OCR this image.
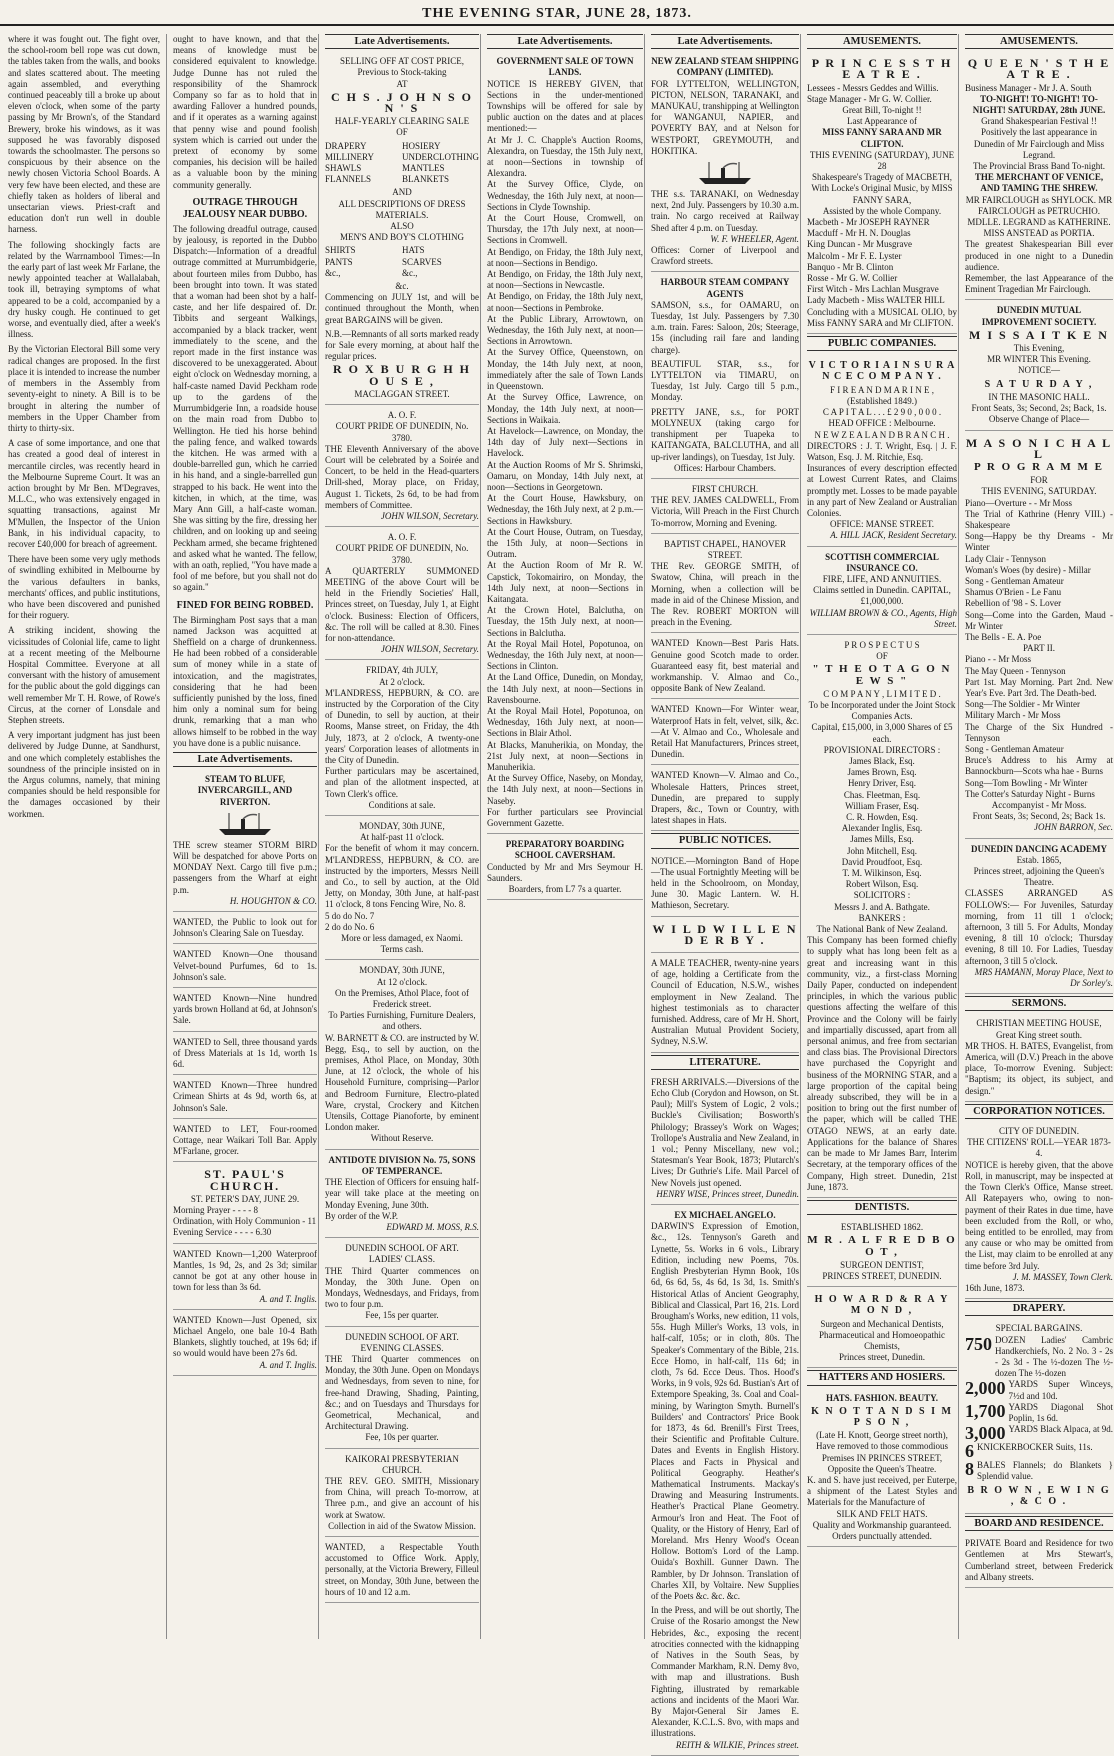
THE EVENING STAR, JUNE 28, 1873.

where it was fought out. The fight over, the school-room bell rope was cut down, the tables taken from the walls, and books and slates scattered about. The meeting again assembled, and everything continued peaceably till a broke up about eleven o'clock, when some of the party passing by Mr Brown's, of the Standard Brewery, broke his windows, as it was supposed he was favorably disposed towards the schoolmaster. The persons so conspicuous by their absence on the newly chosen Victoria School Boards. A very few have been elected, and these are chiefly taken as holders of liberal and unsectarian views. Priest-craft and education don't run well in double harness.

The following shockingly facts are related by the Warrnambool Times:—In the early part of last week Mr Farlane, the newly appointed teacher at Wallalabah, took ill, betraying symptoms of what appeared to be a cold, accompanied by a dry husky cough. He continued to get worse, and eventually died, after a week's illness.

By the Victorian Electoral Bill some very radical changes are proposed. In the first place it is intended to increase the number of members in the Assembly from seventy-eight to ninety. A Bill is to be brought in altering the number of members in the Upper Chamber from thirty to thirty-six.

A case of some importance, and one that has created a good deal of interest in mercantile circles, was recently heard in the Melbourne Supreme Court. It was an action brought by Mr Ben. M'Degraves, M.L.C., who was extensively engaged in squatting transactions, against Mr M'Mullen, the Inspector of the Union Bank, in his individual capacity, to recover £40,000 for breach of agreement.

There have been some very ugly methods of swindling exhibited in Melbourne by the various defaulters in banks, merchants' offices, and public institutions, who have been discovered and punished for their roguery.

A striking incident, showing the vicissitudes of Colonial life, came to light at a recent meeting of the Melbourne Hospital Committee. Everyone at all conversant with the history of amusement for the public about the gold diggings can well remember Mr T. H. Rowe, of Rowe's Circus, at the corner of Lonsdale and Stephen streets.

A very important judgment has just been delivered by Judge Dunne, at Sandhurst, and one which completely establishes the soundness of the principle insisted on in the Argus columns, namely, that mining companies should be held responsible for the damages occasioned by their workmen.

ought to have known, and that the means of knowledge must be considered equivalent to knowledge. Judge Dunne has not ruled the responsibility of the Shamrock Company so far as to hold that in awarding Fallover a hundred pounds, and if it operates as a warning against that penny wise and pound foolish system which is carried out under the pretext of economy by some companies, his decision will be hailed as a valuable boon by the mining community generally.

OUTRAGE THROUGH JEALOUSY NEAR DUBBO.

The following dreadful outrage, caused by jealousy, is reported in the Dubbo Dispatch:—Information of a dreadful outrage committed at Murrumbidgerie, about fourteen miles from Dubbo, has been brought into town. It was stated that a woman had been shot by a half-caste, and her life despaired of. Dr. Tibbits and sergeant Walkings, accompanied by a black tracker, went immediately to the scene, and the report made in the first instance was discovered to be unexaggerated. About eight o'clock on Wednesday morning, a half-caste named David Peckham rode up to the gardens of the Murrumbidgerie Inn, a roadside house on the main road from Dubbo to Wellington. He tied his horse behind the paling fence, and walked towards the kitchen. He was armed with a double-barrelled gun, which he carried in his hand, and a single-barrelled gun strapped to his back. He went into the kitchen, in which, at the time, was Mary Ann Gill, a half-caste woman. She was sitting by the fire, dressing her children, and on looking up and seeing Peckham armed, she became frightened and asked what he wanted. The fellow, with an oath, replied, "You have made a fool of me before, but you shall not do so again."

FINED FOR BEING ROBBED.

The Birmingham Post says that a man named Jackson was acquitted at Sheffield on a charge of drunkenness. He had been robbed of a considerable sum of money while in a state of intoxication, and the magistrates, considering that he had been sufficiently punished by the loss, fined him only a nominal sum for being drunk, remarking that a man who allows himself to be robbed in the way you have done is a public nuisance.

Late Advertisements.
STEAM TO BLUFF, INVERCARGILL, AND RIVERTON.
THE screw steamer STORM BIRD Will be despatched for above Ports on MONDAY Next. Cargo till five p.m.; passengers from the Wharf at eight p.m.
H. HOUGHTON & CO.
WANTED, the Public to look out for Johnson's Clearing Sale on Tuesday.
WANTED Known—One thousand Velvet-bound Purfumes, 6d to 1s. Johnson's sale.
WANTED Known—Nine hundred yards brown Holland at 6d, at Johnson's Sale.
WANTED to Sell, three thousand yards of Dress Materials at 1s 1d, worth 1s 6d.
WANTED Known—Three hundred Crimean Shirts at 4s 9d, worth 6s, at Johnson's Sale.
WANTED to LET, Four-roomed Cottage, near Waikari Toll Bar. Apply M'Farlane, grocer.
ST. PAUL'S CHURCH.
ST. PETER'S DAY, JUNE 29.
Morning Prayer - - - - 8
Ordination, with Holy Communion - 11
Evening Service - - - - 6.30
WANTED Known—1,200 Waterproof Mantles, 1s 9d, 2s, and 2s 3d; similar cannot be got at any other house in town for less than 3s 6d.
A. and T. Inglis.
WANTED Known—Just Opened, six Michael Angelo, one bale 10-4 Bath Blankets, slightly touched, at 19s 6d; if so would would have been 27s 6d.
A. and T. Inglis.
Late Advertisements.
SELLING OFF AT COST PRICE,
Previous to Stock-taking
AT
C H S . J O H N S O N ' S
HALF-YEARLY CLEARING SALE
OF
DRAPERY	HOSIERY
MILLINERY	UNDERCLOTHING
SHAWLS	MANTLES
FLANNELS	BLANKETS
AND
ALL DESCRIPTIONS OF DRESS
MATERIALS.
ALSO
MEN'S AND BOY'S CLOTHING
SHIRTS	HATS
PANTS	SCARVES
&c.,	&c.,
&c.
Commencing on JULY 1st, and will be continued throughout the Month, when great BARGAINS will be given.
N.B.—Remnants of all sorts marked ready for Sale every morning, at about half the regular prices.
R O X B U R G H H O U S E ,
MACLAGGAN STREET.
A. O. F.
COURT PRIDE OF DUNEDIN, No. 3780.
THE Eleventh Anniversary of the above Court will be celebrated by a Soirée and Concert, to be held in the Head-quarters Drill-shed, Moray place, on Friday, August 1. Tickets, 2s 6d, to be had from members of Committee.
JOHN WILSON, Secretary.
A. O. F.
COURT PRIDE OF DUNEDIN, No. 3780.
A QUARTERLY SUMMONED MEETING of the above Court will be held in the Friendly Societies' Hall, Princes street, on Tuesday, July 1, at Eight o'clock. Business: Election of Officers, &c. The roll will be called at 8.30. Fines for non-attendance.
JOHN WILSON, Secretary.
FRIDAY, 4th JULY,
At 2 o'clock.
M'LANDRESS, HEPBURN, & CO. are instructed by the Corporation of the City of Dunedin, to sell by auction, at their Rooms, Manse street, on Friday, the 4th July, 1873, at 2 o'clock, A twenty-one years' Corporation leases of allotments in the City of Dunedin.
Further particulars may be ascertained, and plan of the allotment inspected, at Town Clerk's office.
Conditions at sale.
MONDAY, 30th JUNE,
At half-past 11 o'clock.
For the benefit of whom it may concern. M'LANDRESS, HEPBURN, & CO. are instructed by the importers, Messrs Neill and Co., to sell by auction, at the Old Jetty, on Monday, 30th June, at half-past 11 o'clock, 8 tons Fencing Wire, No. 8.
5 do do No. 7
2 do do No. 6
More or less damaged, ex Naomi.
Terms cash.
MONDAY, 30th JUNE,
At 12 o'clock.
On the Premises, Athol Place, foot of Frederick street.
To Parties Furnishing, Furniture Dealers, and others.
W. BARNETT & CO. are instructed by W. Begg, Esq., to sell by auction, on the premises, Athol Place, on Monday, 30th June, at 12 o'clock, the whole of his Household Furniture, comprising—Parlor and Bedroom Furniture, Electro-plated Ware, crystal, Crockery and Kitchen Utensils, Cottage Pianoforte, by eminent London maker.
Without Reserve.
ANTIDOTE DIVISION No. 75, SONS OF TEMPERANCE.
THE Election of Officers for ensuing half-year will take place at the meeting on Monday Evening, June 30th.
By order of the W.P.
EDWARD M. MOSS, R.S.
DUNEDIN SCHOOL OF ART.
LADIES' CLASS.
THE Third Quarter commences on Monday, the 30th June. Open on Mondays, Wednesdays, and Fridays, from two to four p.m.
Fee, 15s per quarter.
DUNEDIN SCHOOL OF ART.
EVENING CLASSES.
THE Third Quarter commences on Monday, the 30th June. Open on Mondays and Wednesdays, from seven to nine, for free-hand Drawing, Shading, Painting, &c.; and on Tuesdays and Thursdays for Geometrical, Mechanical, and Architectural Drawing.
Fee, 10s per quarter.
KAIKORAI PRESBYTERIAN CHURCH.
THE REV. GEO. SMITH, Missionary from China, will preach To-morrow, at Three p.m., and give an account of his work at Swatow.
Collection in aid of the Swatow Mission.
WANTED, a Respectable Youth accustomed to Office Work. Apply, personally, at the Victoria Brewery, Filleul street, on Monday, 30th June, between the hours of 10 and 12 a.m.
Late Advertisements.
GOVERNMENT SALE OF TOWN LANDS.
NOTICE IS HEREBY GIVEN, that Sections in the under-mentioned Townships will be offered for sale by public auction on the dates and at places mentioned:—
At Mr J. C. Chapple's Auction Rooms, Alexandra, on Tuesday, the 15th July next, at noon—Sections in township of Alexandra.
At the Survey Office, Clyde, on Wednesday, the 16th July next, at noon—Sections in Clyde Township.
At the Court House, Cromwell, on Thursday, the 17th July next, at noon—Sections in Cromwell.
At Bendigo, on Friday, the 18th July next, at noon—Sections in Bendigo.
At Bendigo, on Friday, the 18th July next, at noon—Sections in Newcastle.
At Bendigo, on Friday, the 18th July next, at noon—Sections in Pembroke.
At the Public Library, Arrowtown, on Wednesday, the 16th July next, at noon—Sections in Arrowtown.
At the Survey Office, Queenstown, on Monday, the 14th July next, at noon, immediately after the sale of Town Lands in Queenstown.
At the Survey Office, Lawrence, on Monday, the 14th July next, at noon—Sections in Waikaia.
At Havelock—Lawrence, on Monday, the 14th day of July next—Sections in Havelock.
At the Auction Rooms of Mr S. Shrimski, Oamaru, on Monday, 14th July next, at noon—Sections in Georgetown.
At the Court House, Hawksbury, on Wednesday, the 16th July next, at 2 p.m.—Sections in Hawksbury.
At the Court House, Outram, on Tuesday, the 15th July, at noon—Sections in Outram.
At the Auction Room of Mr R. W. Capstick, Tokomairiro, on Monday, the 14th July next, at noon—Sections in Kaitangata.
At the Crown Hotel, Balclutha, on Tuesday, the 15th July next, at noon—Sections in Balclutha.
At the Royal Mail Hotel, Popotunoa, on Wednesday, the 16th July next, at noon—Sections in Clinton.
At the Land Office, Dunedin, on Monday, the 14th July next, at noon—Sections in Ravensbourne.
At the Royal Mail Hotel, Popotunoa, on Wednesday, 16th July next, at noon—Sections in Blair Athol.
At Blacks, Manuherikia, on Monday, the 21st July next, at noon—Sections in Manuherikia.
At the Survey Office, Naseby, on Monday, the 14th July next, at noon—Sections in Naseby.
For further particulars see Provincial Government Gazette.
PREPARATORY BOARDING SCHOOL CAVERSHAM.
Conducted by Mr and Mrs Seymour H. Saunders.
Boarders, from L7 7s a quarter.
Late Advertisements.
NEW ZEALAND STEAM SHIPPING COMPANY (LIMITED).
FOR LYTTELTON, WELLINGTON, PICTON, NELSON, TARANAKI, and MANUKAU, transhipping at Wellington for WANGANUI, NAPIER, and POVERTY BAY, and at Nelson for WESTPORT, GREYMOUTH, and HOKITIKA.
THE s.s. TARANAKI, on Wednesday next, 2nd July. Passengers by 10.30 a.m. train. No cargo received at Railway Shed after 4 p.m. on Tuesday.
W. F. WHEELER, Agent.
Offices: Corner of Liverpool and Crawford streets.
HARBOUR STEAM COMPANY AGENTS
SAMSON, s.s., for OAMARU, on Tuesday, 1st July. Passengers by 7.30 a.m. train. Fares: Saloon, 20s; Steerage, 15s (including rail fare and landing charge).
BEAUTIFUL STAR, s.s., for LYTTELTON via TIMARU, on Tuesday, 1st July. Cargo till 5 p.m., Monday.
PRETTY JANE, s.s., for PORT MOLYNEUX (taking cargo for transhipment per Tuapeka to KAITANGATA, BALCLUTHA, and all up-river landings), on Tuesday, 1st July.
Offices: Harbour Chambers.
FIRST CHURCH.
THE REV. JAMES CALDWELL, From Victoria, Will Preach in the First Church To-morrow, Morning and Evening.
BAPTIST CHAPEL, HANOVER STREET.
THE Rev. GEORGE SMITH, of Swatow, China, will preach in the Morning, when a collection will be made in aid of the Chinese Mission, and The Rev. ROBERT MORTON will preach in the Evening.
WANTED Known—Best Paris Hats. Genuine good Scotch made to order. Guaranteed easy fit, best material and workmanship. V. Almao and Co., opposite Bank of New Zealand.
WANTED Known—For Winter wear, Waterproof Hats in felt, velvet, silk, &c.—At V. Almao and Co., Wholesale and Retail Hat Manufacturers, Princes street, Dunedin.
WANTED Known—V. Almao and Co., Wholesale Hatters, Princes street, Dunedin, are prepared to supply Drapers, &c., Town or Country, with latest shapes in Hats.
PUBLIC NOTICES.
NOTICE.—Mornington Band of Hope—The usual Fortnightly Meeting will be held in the Schoolroom, on Monday, June 30. Magic Lantern. W. H. Mathieson, Secretary.
W I L D W I L L E N D E R B Y .
A MALE TEACHER, twenty-nine years of age, holding a Certificate from the Council of Education, N.S.W., wishes employment in New Zealand. The highest testimonials as to character furnished. Address, care of Mr H. Short, Australian Mutual Provident Society, Sydney, N.S.W.
LITERATURE.
FRESH ARRIVALS.—Diversions of the Echo Club (Corydon and Howson, on St. Paul); Mill's System of Logic, 2 vols.; Buckle's Civilisation; Bosworth's Philology; Brassey's Work on Wages; Trollope's Australia and New Zealand, in 1 vol.; Penny Miscellany, new vol.; Statesman's Year Book, 1873; Plutarch's Lives; Dr Guthrie's Life. Mail Parcel of New Novels just opened.
HENRY WISE, Princes street, Dunedin.
EX MICHAEL ANGELO.
DARWIN'S Expression of Emotion, &c., 12s. Tennyson's Gareth and Lynette, 5s. Works in 6 vols., Library Edition, including new Poems, 70s. English Presbyterian Hymn Book, 10s 6d, 6s 6d, 5s, 4s 6d, 1s 3d, 1s. Smith's Historical Atlas of Ancient Geography, Biblical and Classical, Part 16, 21s. Lord Brougham's Works, new edition, 11 vols, 55s. Hugh Miller's Works, 13 vols, in half-calf, 105s; or in cloth, 80s. The Speaker's Commentary of the Bible, 21s. Ecce Homo, in half-calf, 11s 6d; in cloth, 7s 6d. Ecce Deus. Thos. Hood's Works, in 9 vols, 92s 6d. Bustian's Art of Extempore Speaking, 3s. Coal and Coal-mining, by Warington Smyth. Burnell's Builders' and Contractors' Price Book for 1873, 4s 6d. Brenill's First Trees, their Scientific and Profitable Culture. Dates and Events in English History. Places and Facts in Physical and Political Geography. Heather's Mathematical Instruments. Mackay's Drawing and Measuring Instruments. Heather's Practical Plane Geometry. Armour's Iron and Heat. The Foot of Quality, or the History of Henry, Earl of Moreland. Mrs Henry Wood's Ocean Hollow. Bottom's Lord of the Lamp. Ouida's Boxhill. Gunner Dawn. The Rambler, by Dr Johnson. Translation of Charles XII, by Voltaire. New Supplies of the Poets &c. &c. &c.
In the Press, and will be out shortly, The Cruise of the Rosario amongst the New Hebrides, &c., exposing the recent atrocities connected with the kidnapping of Natives in the South Seas, by Commander Markham, R.N. Demy 8vo, with map and illustrations. Bush Fighting, illustrated by remarkable actions and incidents of the Maori War. By Major-General Sir James E. Alexander, K.C.L.S. 8vo, with maps and illustrations.
REITH & WILKIE, Princes street.
AMUSEMENTS.
P R I N C E S S T H E A T R E .
Lessees - Messrs Geddes and Willis.
Stage Manager - Mr G. W. Collier.
Great Bill, To-night !!
Last Appearance of
MISS FANNY SARA AND MR CLIFTON.
THIS EVENING (SATURDAY), JUNE 28
Shakespeare's Tragedy of MACBETH,
With Locke's Original Music, by MISS FANNY SARA,
Assisted by the whole Company.
Macbeth - Mr JOSEPH RAYNER
Macduff - Mr H. N. Douglas
King Duncan - Mr Musgrave
Malcolm - Mr F. E. Lyster
Banquo - Mr B. Clinton
Rosse - Mr G. W. Collier
First Witch - Mrs Lachlan Musgrave
Lady Macbeth - Miss WALTER HILL
Concluding with a MUSICAL OLIO, by Miss FANNY SARA and Mr CLIFTON.
PUBLIC COMPANIES.
V I C T O R I A I N S U R A N C E C O M P A N Y .
F I R E A N D M A R I N E ,
(Established 1849.)
C A P I T A L . . . £ 2 9 0 , 0 0 0 .
HEAD OFFICE : Melbourne.
N E W Z E A L A N D B R A N C H .
DIRECTORS : J. T. Wright, Esq. | J. F. Watson, Esq. J. M. Ritchie, Esq.
Insurances of every description effected at Lowest Current Rates, and Claims promptly met. Losses to be made payable in any part of New Zealand or Australian Colonies.
OFFICE: MANSE STREET.
A. HILL JACK, Resident Secretary.
SCOTTISH COMMERCIAL INSURANCE CO.
FIRE, LIFE, AND ANNUITIES.
Claims settled in Dunedin. CAPITAL, £1,000,000.
WILLIAM BROWN & CO., Agents, High Street.
P R O S P E C T U S
OF
" T H E O T A G O N E W S "
C O M P A N Y , L I M I T E D .
To be Incorporated under the Joint Stock Companies Acts.
Capital, £15,000, in 3,000 Shares of £5 each.
PROVISIONAL DIRECTORS :
James Black, Esq.
James Brown, Esq.
Henry Driver, Esq.
Chas. Fleetman, Esq.
William Fraser, Esq.
C. R. Howden, Esq.
Alexander Inglis, Esq.
James Mills, Esq.
John Mitchell, Esq.
David Proudfoot, Esq.
T. M. Wilkinson, Esq.
Robert Wilson, Esq.
SOLICITORS :
Messrs J. and A. Bathgate.
BANKERS :
The National Bank of New Zealand.
This Company has been formed chiefly to supply what has long been felt as a great and increasing want in this community, viz., a first-class Morning Daily Paper, conducted on independent principles, in which the various public questions affecting the welfare of this Province and the Colony will be fairly and impartially discussed, apart from all personal animus, and free from sectarian and class bias. The Provisional Directors have purchased the Copyright and business of the MORNING STAR, and a large proportion of the capital being already subscribed, they will be in a position to bring out the first number of the paper, which will be called THE OTAGO NEWS, at an early date. Applications for the balance of Shares can be made to Mr James Barr, Interim Secretary, at the temporary offices of the Company, High street. Dunedin, 21st June, 1873.
DENTISTS.
ESTABLISHED 1862.
M R . A L F R E D B O O T ,
SURGEON DENTIST,
PRINCES STREET, DUNEDIN.
H O W A R D & R A Y M O N D ,
Surgeon and Mechanical Dentists,
Pharmaceutical and Homoeopathic Chemists,
Princes street, Dunedin.
HATTERS AND HOSIERS.
HATS. FASHION. BEAUTY.
K N O T T A N D S I M P S O N ,
(Late H. Knott, George street north),
Have removed to those commodious Premises IN PRINCES STREET, Opposite the Queen's Theatre.
K. and S. have just received, per Euterpe, a shipment of the Latest Styles and Materials for the Manufacture of
SILK AND FELT HATS.
Quality and Workmanship guaranteed.
Orders punctually attended.
AMUSEMENTS.
Q U E E N ' S T H E A T R E .
Business Manager - Mr J. A. South
TO-NIGHT! TO-NIGHT! TO-NIGHT! SATURDAY, 28th JUNE.
Grand Shakespearian Festival !!
Positively the last appearance in Dunedin of Mr Fairclough and Miss Legrand.
The Provincial Brass Band To-night.
THE MERCHANT OF VENICE, AND TAMING THE SHREW.
MR FAIRCLOUGH as SHYLOCK. MR FAIRCLOUGH as PETRUCHIO. MDLLE. LEGRAND as KATHERINE. MISS ANSTEAD as PORTIA.
The greatest Shakespearian Bill ever produced in one night to a Dunedin audience.
Remember, the last Appearance of the Eminent Tragedian Mr Fairclough.
DUNEDIN MUTUAL IMPROVEMENT SOCIETY.
M I S S A I T K E N
This Evening,
MR WINTER This Evening.
NOTICE—
S A T U R D A Y ,
IN THE MASONIC HALL.
Front Seats, 3s; Second, 2s; Back, 1s.
Observe Change of Place—
M A S O N I C H A L L
P R O G R A M M E
FOR
THIS EVENING, SATURDAY.
Piano—Overture - - Mr Moss
The Trial of Kathrine (Henry VIII.) - Shakespeare
Song—Happy be thy Dreams - Mr Winter
Lady Clair - Tennyson
Woman's Woes (by desire) - Millar
Song - Gentleman Amateur
Shamus O'Brien - Le Fanu
Rebellion of '98 - S. Lover
Song—Come into the Garden, Maud - Mr Winter
The Bells - E. A. Poe
PART II.
Piano - - Mr Moss
The May Queen - Tennyson
Part 1st. May Morning. Part 2nd. New Year's Eve. Part 3rd. The Death-bed.
Song—The Soldier - Mr Winter
Military March - Mr Moss
The Charge of the Six Hundred - Tennyson
Song - Gentleman Amateur
Bruce's Address to his Army at Bannockburn—Scots wha hae - Burns
Song—Tom Bowling - Mr Winter
The Cotter's Saturday Night - Burns
Accompanyist - Mr Moss.
Front Seats, 3s; Second, 2s; Back 1s.
JOHN BARRON, Sec.
DUNEDIN DANCING ACADEMY
Estab. 1865,
Princes street, adjoining the Queen's Theatre.
CLASSES ARRANGED AS FOLLOWS:— For Juveniles, Saturday morning, from 11 till 1 o'clock; afternoon, 3 till 5. For Adults, Monday evening, 8 till 10 o'clock; Thursday evening, 8 till 10. For Ladies, Tuesday afternoon, 3 till 5 o'clock.
MRS HAMANN, Moray Place, Next to Dr Sorley's.
SERMONS.
CHRISTIAN MEETING HOUSE,
Great King street south.
MR THOS. H. BATES, Evangelist, from America, will (D.V.) Preach in the above place, To-morrow Evening. Subject: "Baptism; its object, its subject, and design."
CORPORATION NOTICES.
CITY OF DUNEDIN.
THE CITIZENS' ROLL—YEAR 1873-4.
NOTICE is hereby given, that the above Roll, in manuscript, may be inspected at the Town Clerk's Office, Manse street. All Ratepayers who, owing to non-payment of their Rates in due time, have been excluded from the Roll, or who, being entitled to be enrolled, may from any cause or who may be omitted from the List, may claim to be enrolled at any time before 3rd July.
J. M. MASSEY, Town Clerk.
16th June, 1873.
DRAPERY.
SPECIAL BARGAINS.
750 DOZEN Ladies' Cambric Handkerchiefs, No. 2 No. 3 - 2s - 2s 3d - The ½-dozen The ½-dozen The ½-dozen
2,000 YARDS Super Winceys, 7½d and 10d.
1,700 YARDS Diagonal Shot Poplin, 1s 6d.
3,000 YARDS Black Alpaca, at 9d.
6 KNICKERBOCKER Suits, 11s.
8 BALES Flannels; do Blankets } Splendid value.
B R O W N , E W I N G , & C O .
BOARD AND RESIDENCE.
PRIVATE Board and Residence for two Gentlemen at Mrs Stewart's, Cumberland street, between Frederick and Albany streets.
